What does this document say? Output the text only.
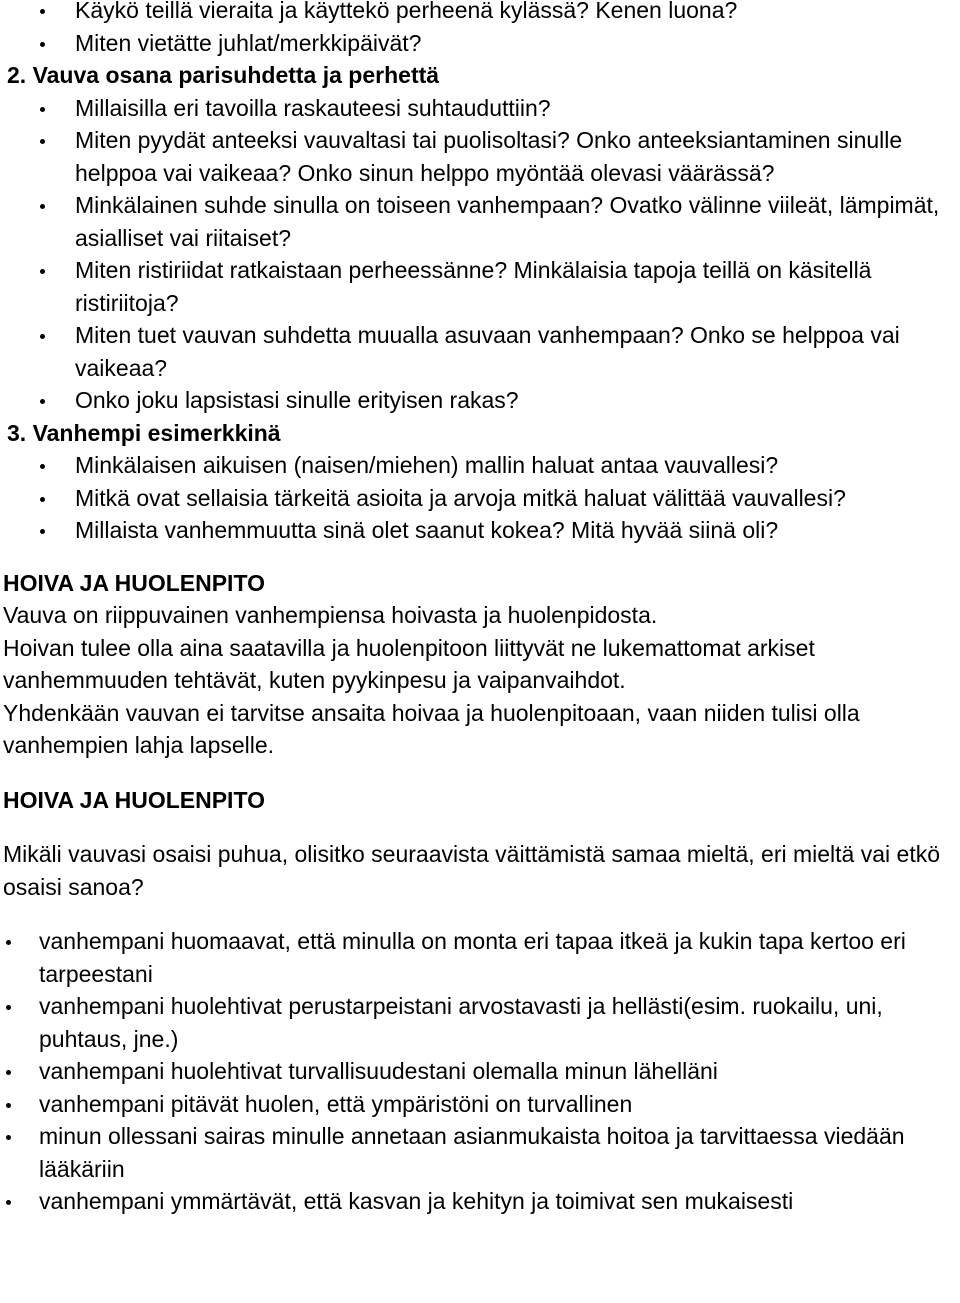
Käykö teillä vieraita ja käyttekö perheenä kylässä? Kenen luona?
Miten vietätte juhlat/merkkipäivät?
2. Vauva osana parisuhdetta ja perhettä
Millaisilla eri tavoilla raskauteesi suhtauduttiin?
Miten pyydät anteeksi vauvaltasi tai puolisoltasi? Onko anteeksiantaminen sinulle helppoa vai vaikeaa? Onko sinun helppo myöntää olevasi väärässä?
Minkälainen suhde sinulla on toiseen vanhempaan? Ovatko välinne viileät, lämpimät, asialliset vai riitaiset?
Miten ristiriidat ratkaistaan perheessänne? Minkälaisia tapoja teillä on käsitellä ristiriitoja?
Miten tuet vauvan suhdetta muualla asuvaan vanhempaan? Onko se helppoa vai vaikeaa?
Onko joku lapsistasi sinulle erityisen rakas?
3. Vanhempi esimerkkinä
Minkälaisen aikuisen (naisen/miehen) mallin haluat antaa vauvallesi?
Mitkä ovat sellaisia tärkeitä asioita ja arvoja mitkä haluat välittää vauvallesi?
Millaista vanhemmuutta sinä olet saanut kokea? Mitä hyvää siinä oli?
HOIVA JA HUOLENPITO

Vauva on riippuvainen vanhempiensa hoivasta ja huolenpidosta.

Hoivan tulee olla aina saatavilla ja huolenpitoon liittyvät ne lukemattomat arkiset vanhemmuuden tehtävät, kuten pyykinpesu ja vaipanvaihdot.

Yhdenkään vauvan ei tarvitse ansaita hoivaa ja huolenpitoaan, vaan niiden tulisi olla vanhempien lahja lapselle.

HOIVA JA HUOLENPITO

Mikäli vauvasi osaisi puhua, olisitko seuraavista väittämistä samaa mieltä, eri mieltä vai etkö osaisi sanoa?

vanhempani huomaavat, että minulla on monta eri tapaa itkeä ja kukin tapa kertoo eri tarpeestani
vanhempani huolehtivat perustarpeistani arvostavasti ja hellästi(esim. ruokailu, uni, puhtaus, jne.)
vanhempani huolehtivat turvallisuudestani olemalla minun lähelläni
vanhempani pitävät huolen, että ympäristöni on turvallinen
minun ollessani sairas minulle annetaan asianmukaista hoitoa ja tarvittaessa viedään lääkäriin
vanhempani ymmärtävät, että kasvan ja kehityn ja toimivat sen mukaisesti
